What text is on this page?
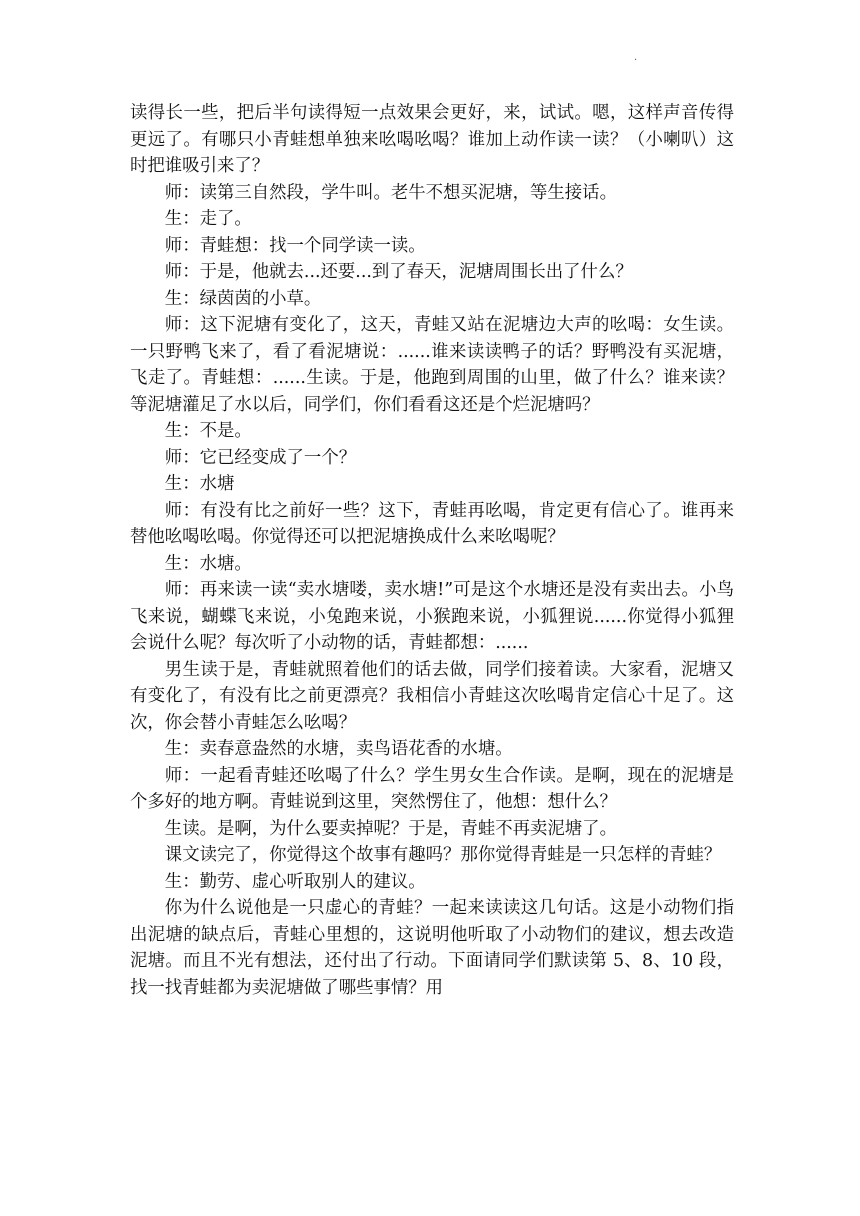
·

读得长一些，把后半句读得短一点效果会更好，来，试试。嗯，这样声音传得更远了。有哪只小青蛙想单独来吆喝吆喝？谁加上动作读一读？（小喇叭）这时把谁吸引来了？

师：读第三自然段，学牛叫。老牛不想买泥塘，等生接话。

生：走了。

师：青蛙想：找一个同学读一读。

师：于是，他就去...还要...到了春天，泥塘周围长出了什么？

生：绿茵茵的小草。

师：这下泥塘有变化了，这天，青蛙又站在泥塘边大声的吆喝：女生读。一只野鸭飞来了，看了看泥塘说：......谁来读读鸭子的话？野鸭没有买泥塘，飞走了。青蛙想：......生读。于是，他跑到周围的山里，做了什么？谁来读？等泥塘灌足了水以后，同学们，你们看看这还是个烂泥塘吗？

生：不是。

师：它已经变成了一个？

生：水塘

师：有没有比之前好一些？这下，青蛙再吆喝，肯定更有信心了。谁再来替他吆喝吆喝。你觉得还可以把泥塘换成什么来吆喝呢？

生：水塘。

师：再来读一读“卖水塘喽，卖水塘!”可是这个水塘还是没有卖出去。小鸟飞来说，蝴蝶飞来说，小兔跑来说，小猴跑来说，小狐狸说......你觉得小狐狸会说什么呢？每次听了小动物的话，青蛙都想：......

男生读于是，青蛙就照着他们的话去做，同学们接着读。大家看，泥塘又有变化了，有没有比之前更漂亮？我相信小青蛙这次吆喝肯定信心十足了。这次，你会替小青蛙怎么吆喝？

生：卖春意盎然的水塘，卖鸟语花香的水塘。

师：一起看青蛙还吆喝了什么？学生男女生合作读。是啊，现在的泥塘是个多好的地方啊。青蛙说到这里，突然愣住了，他想：想什么？

生读。是啊，为什么要卖掉呢？于是，青蛙不再卖泥塘了。

课文读完了，你觉得这个故事有趣吗？那你觉得青蛙是一只怎样的青蛙？

生：勤劳、虚心听取别人的建议。

你为什么说他是一只虚心的青蛙？一起来读读这几句话。这是小动物们指出泥塘的缺点后，青蛙心里想的，这说明他听取了小动物们的建议，想去改造泥塘。而且不光有想法，还付出了行动。下面请同学们默读第 5、8、10 段，找一找青蛙都为卖泥塘做了哪些事情？用
